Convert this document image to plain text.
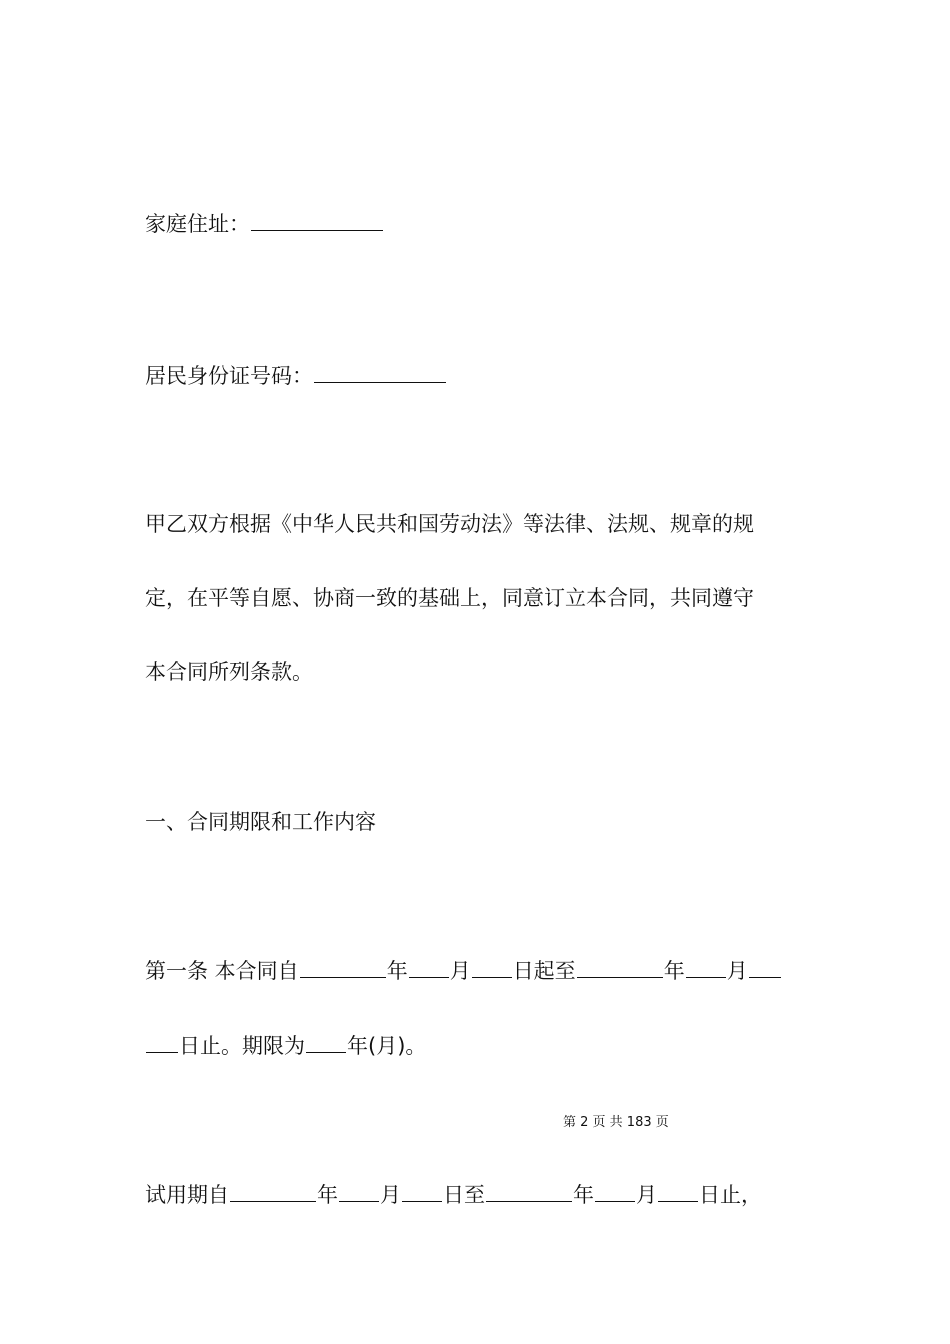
家庭住址：
居民身份证号码：
甲乙双方根据《中华人民共和国劳动法》等法律、法规、规章的规
定，在平等自愿、协商一致的基础上，同意订立本合同，共同遵守
本合同所列条款。
一、合同期限和工作内容
第一条 本合同自	年 月 日起至	年 月
日止。期限为 年(月)。
第 2 页 共 183 页
试用期自	年 月 日至	年 月 日止，
